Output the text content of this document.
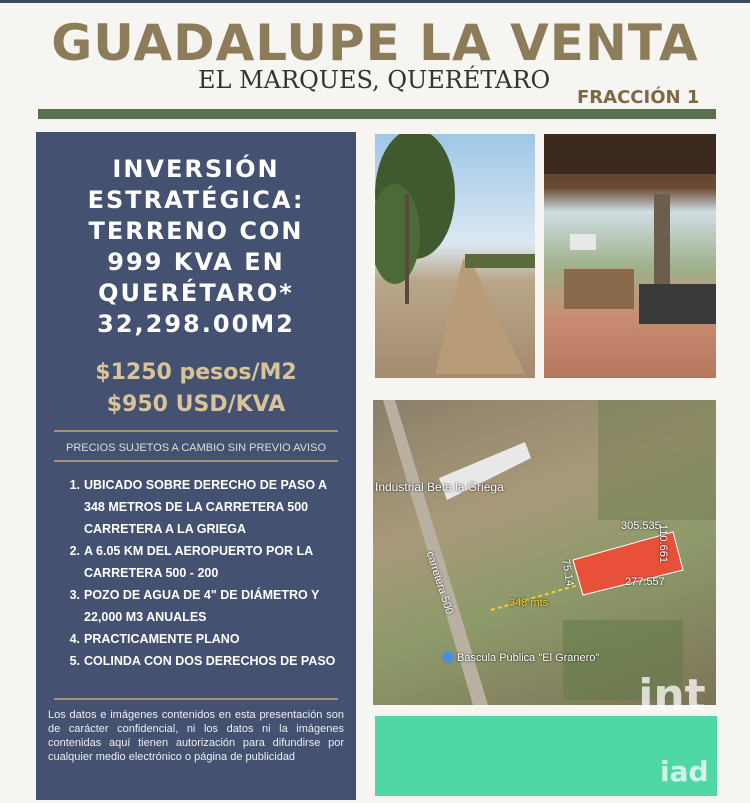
GUADALUPE LA VENTA
EL MARQUES, QUERÉTARO
FRACCIÓN 1
INVERSIÓN
ESTRATÉGICA:
TERRENO CON
999 KVA EN
QUERÉTARO*
32,298.00M2
$1250 pesos/M2
$950 USD/KVA
PRECIOS SUJETOS A CAMBIO SIN PREVIO AVISO
1. UBICADO SOBRE DERECHO DE PASO A 348 METROS DE LA CARRETERA 500 CARRETERA A LA GRIEGA
2. A 6.05 KM DEL AEROPUERTO POR LA CARRETERA 500 - 200
3. POZO DE AGUA DE 4" DE DIÁMETRO Y 22,000 M3 ANUALES
4. PRACTICAMENTE PLANO
5. COLINDA CON DOS DERECHOS DE PASO
Los datos e imágenes contenidos en esta presentación son de carácter confidencial, ni los datos ni la imágenes contenidas aquí tienen autorización para difundirse por cualquier medio electrónico o página de publicidad
Industrial Beta la Griega
carretera 500	348 mts
305.535
110.661
277.557
75.14
Bascula Publica "El Granero"
int
iad
